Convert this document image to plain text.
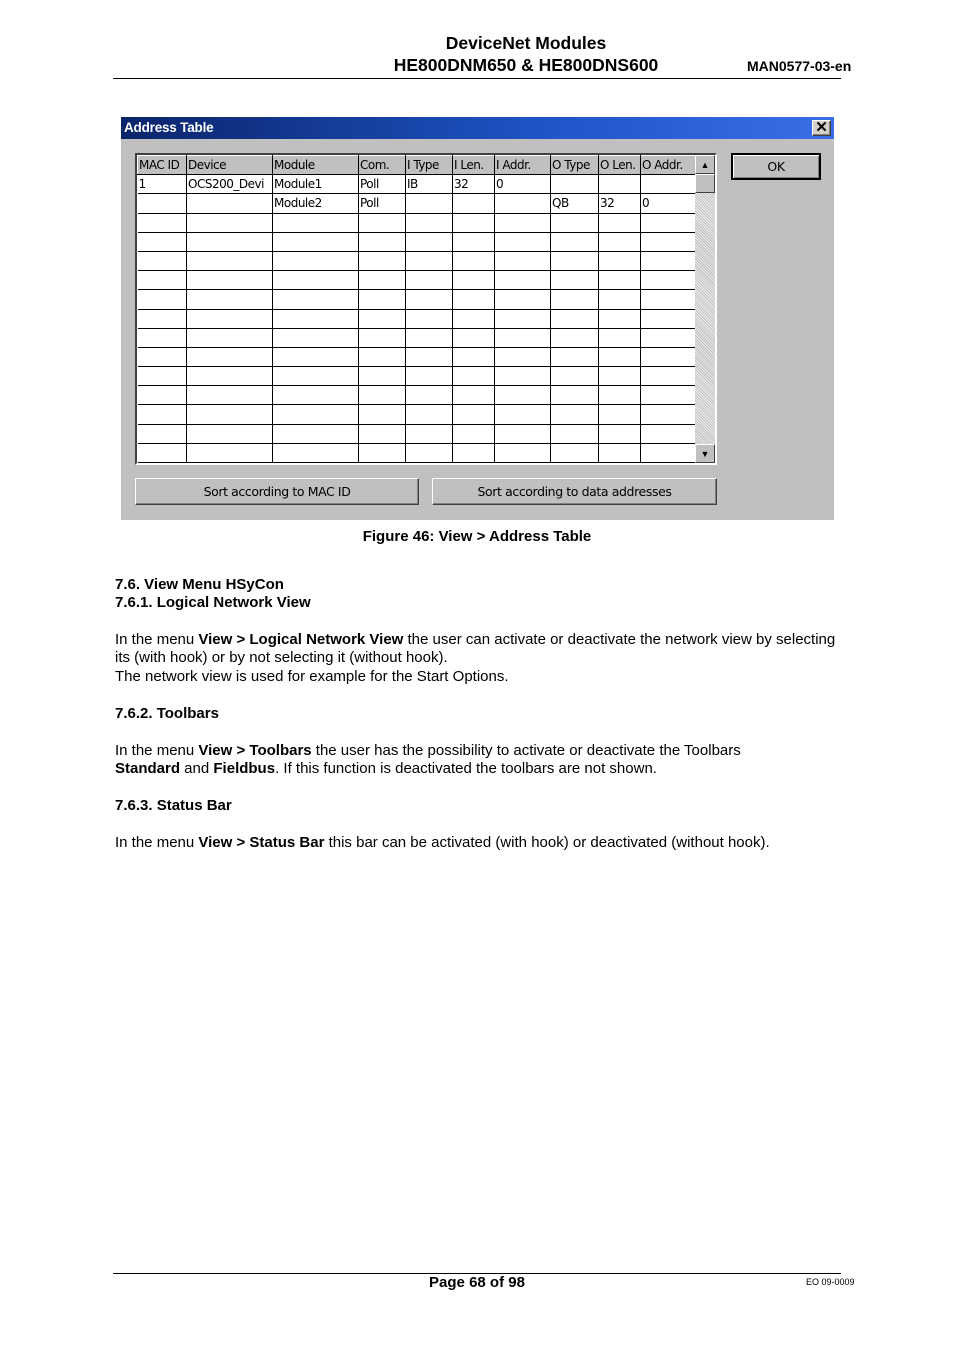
DeviceNet Modules
HE800DNM650 & HE800DNS600	MAN0577-03-en
Address Table	✕
MAC ID	Device	Module	Com.	I Type	I Len.	I Addr.	O Type	O Len.	O Addr.
1	OCS200_Devi	Module1	Poll	IB	32	0			
		Module2	Poll				QB	32	0

▲
▼
OK
Sort according to MAC ID	Sort according to data addresses
Figure 46: View > Address Table
7.6. View Menu HSyCon
7.6.1. Logical Network View
In the menu View > Logical Network View the user can activate or deactivate the network view by selecting its (with hook) or by not selecting it (without hook).
The network view is used for example for the Start Options.
7.6.2. Toolbars
In the menu View > Toolbars the user has the possibility to activate or deactivate the Toolbars
Standard and Fieldbus. If this function is deactivated the toolbars are not shown.
7.6.3. Status Bar
In the menu View > Status Bar this bar can be activated (with hook) or deactivated (without hook).
Page 68 of 98	EO 09-0009
